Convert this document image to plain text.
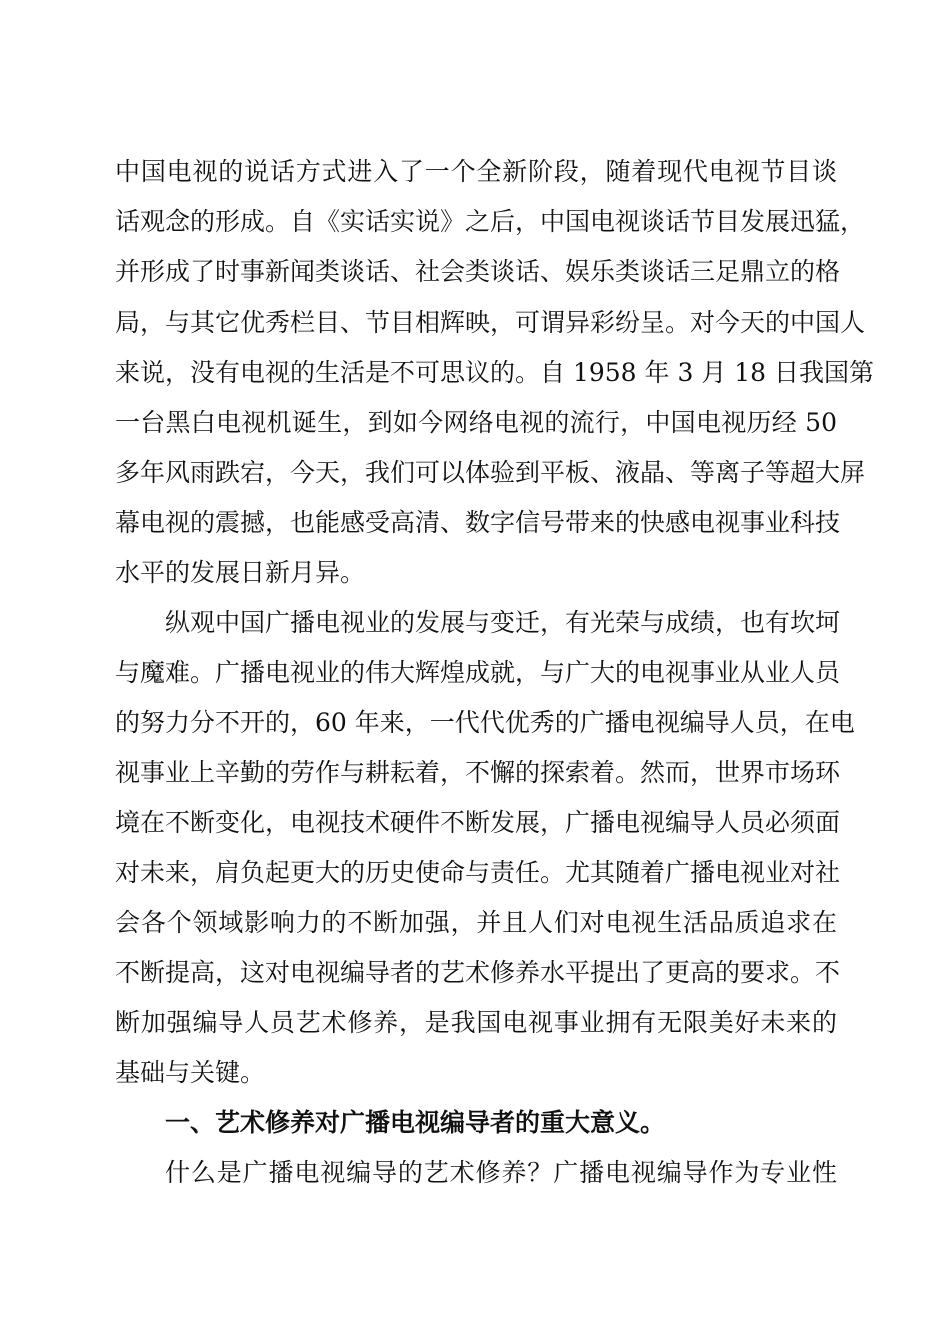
中国电视的说话方式进入了一个全新阶段，随着现代电视节目谈
话观念的形成。自《实话实说》之后，中国电视谈话节目发展迅猛，
并形成了时事新闻类谈话、社会类谈话、娱乐类谈话三足鼎立的格
局，与其它优秀栏目、节目相辉映，可谓异彩纷呈。对今天的中国人
来说，没有电视的生活是不可思议的。自 1958 年 3 月 18 日我国第
一台黑白电视机诞生，到如今网络电视的流行，中国电视历经 50
多年风雨跌宕，今天，我们可以体验到平板、液晶、等离子等超大屏
幕电视的震撼，也能感受高清、数字信号带来的快感电视事业科技
水平的发展日新月异。
纵观中国广播电视业的发展与变迁，有光荣与成绩，也有坎坷
与魔难。广播电视业的伟大辉煌成就，与广大的电视事业从业人员
的努力分不开的，60 年来，一代代优秀的广播电视编导人员，在电
视事业上辛勤的劳作与耕耘着，不懈的探索着。然而，世界市场环
境在不断变化，电视技术硬件不断发展，广播电视编导人员必须面
对未来，肩负起更大的历史使命与责任。尤其随着广播电视业对社
会各个领域影响力的不断加强，并且人们对电视生活品质追求在
不断提高，这对电视编导者的艺术修养水平提出了更高的要求。不
断加强编导人员艺术修养，是我国电视事业拥有无限美好未来的
基础与关键。
一、艺术修养对广播电视编导者的重大意义。
什么是广播电视编导的艺术修养？广播电视编导作为专业性
